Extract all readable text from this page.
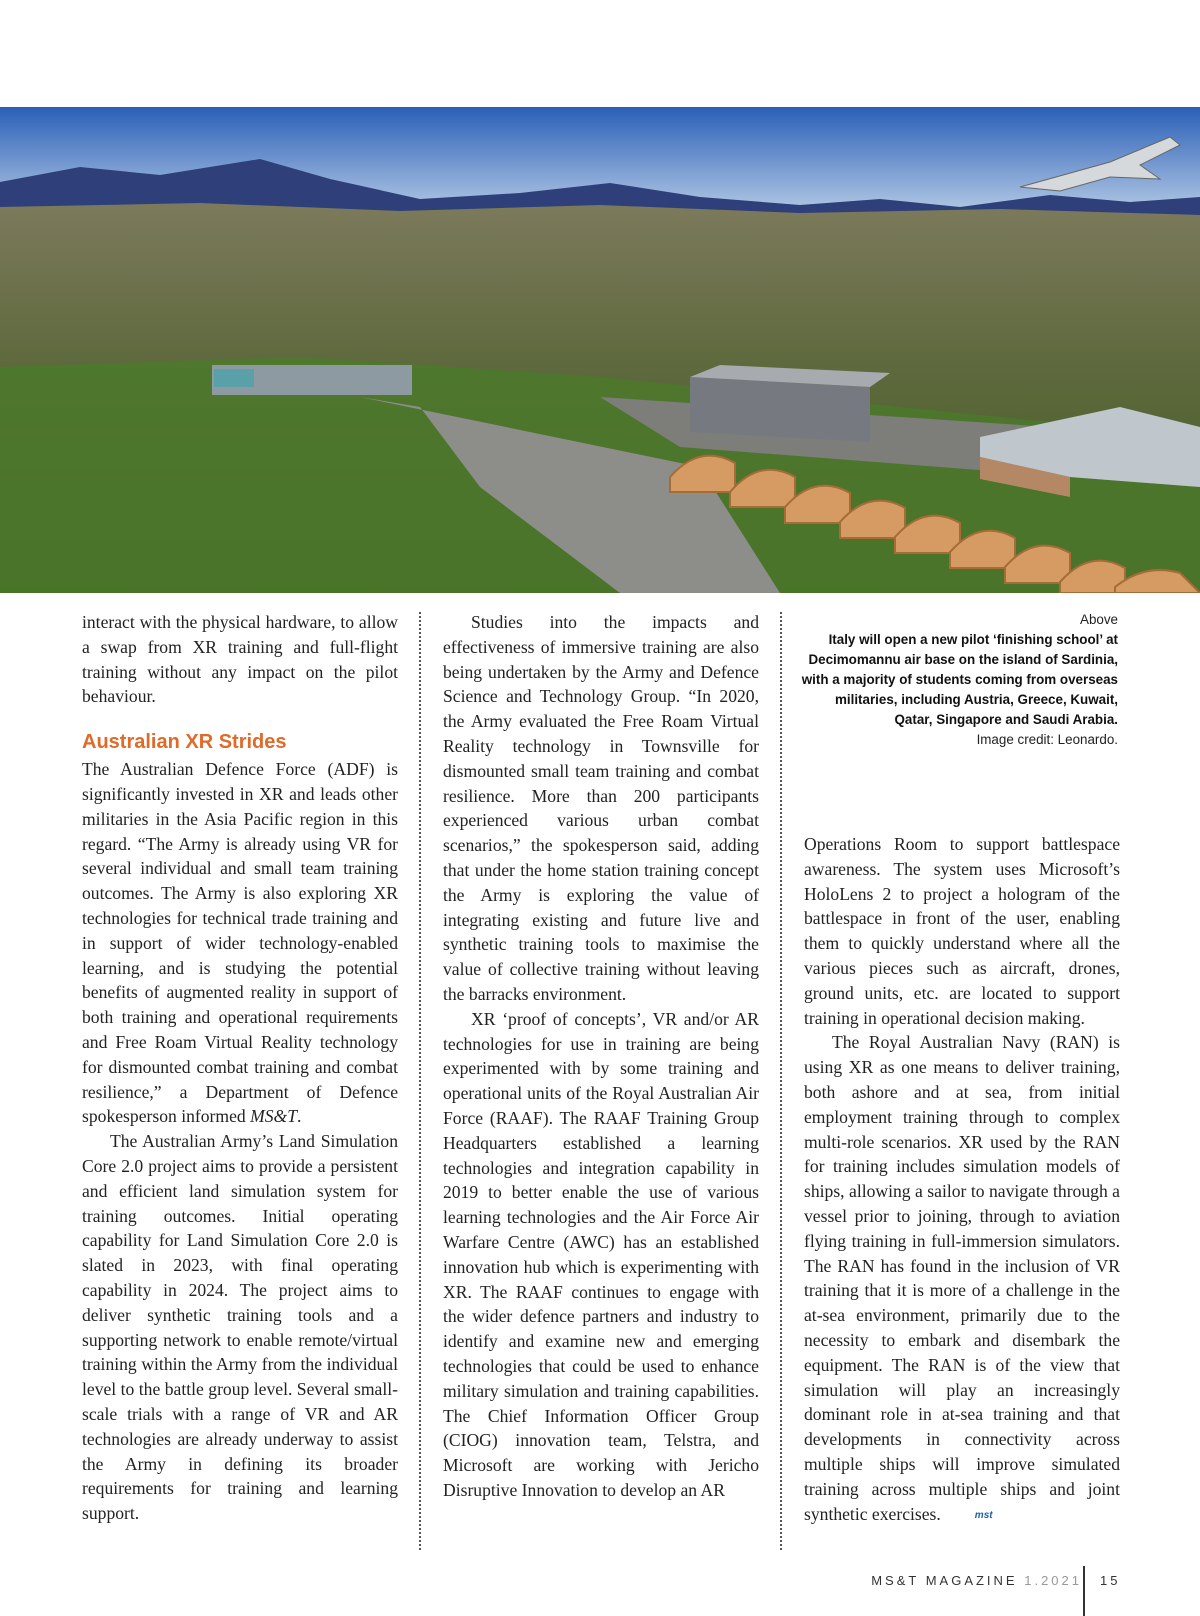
interact with the physical hardware, to allow a swap from XR training and full-flight training without any impact on the pilot behaviour.

Australian XR Strides

The Australian Defence Force (ADF) is significantly invested in XR and leads other militaries in the Asia Pacific region in this regard. “The Army is already using VR for several individual and small team training outcomes. The Army is also exploring XR technologies for technical trade training and in support of wider technology-enabled learning, and is studying the potential benefits of augmented reality in support of both training and operational requirements and Free Roam Virtual Reality technology for dismounted combat training and combat resilience,” a Department of Defence spokesperson informed MS&T.

The Australian Army’s Land Simulation Core 2.0 project aims to provide a persistent and efficient land simulation system for training outcomes. Initial operating capability for Land Simulation Core 2.0 is slated in 2023, with final operating capability in 2024. The project aims to deliver synthetic training tools and a supporting network to enable remote/virtual training within the Army from the individual level to the battle group level. Several small-scale trials with a range of VR and AR technologies are already underway to assist the Army in defining its broader requirements for training and learning support.

Studies into the impacts and effectiveness of immersive training are also being undertaken by the Army and Defence Science and Technology Group. “In 2020, the Army evaluated the Free Roam Virtual Reality technology in Townsville for dismounted small team training and combat resilience. More than 200 participants experienced various urban combat scenarios,” the spokesperson said, adding that under the home station training concept the Army is exploring the value of integrating existing and future live and synthetic training tools to maximise the value of collective training without leaving the barracks environment.

XR ‘proof of concepts’, VR and/or AR technologies for use in training are being experimented with by some training and operational units of the Royal Australian Air Force (RAAF). The RAAF Training Group Headquarters established a learning technologies and integration capability in 2019 to better enable the use of various learning technologies and the Air Force Air Warfare Centre (AWC) has an established innovation hub which is experimenting with XR. The RAAF continues to engage with the wider defence partners and industry to identify and examine new and emerging technologies that could be used to enhance military simulation and training capabilities. The Chief Information Officer Group (CIOG) innovation team, Telstra, and Microsoft are working with Jericho Disruptive Innovation to develop an AR

Above
Italy will open a new pilot ‘finishing school’ at Decimomannu air base on the island of Sardinia, with a majority of students coming from overseas militaries, including Austria, Greece, Kuwait, Qatar, Singapore and Saudi Arabia.
Image credit: Leonardo.

Operations Room to support battlespace awareness. The system uses Microsoft’s HoloLens 2 to project a hologram of the battlespace in front of the user, enabling them to quickly understand where all the various pieces such as aircraft, drones, ground units, etc. are located to support training in operational decision making.

The Royal Australian Navy (RAN) is using XR as one means to deliver training, both ashore and at sea, from initial employment training through to complex multi-role scenarios. XR used by the RAN for training includes simulation models of ships, allowing a sailor to navigate through a vessel prior to joining, through to aviation flying training in full-immersion simulators. The RAN has found in the inclusion of VR training that it is more of a challenge in the at-sea environment, primarily due to the necessity to embark and disembark the equipment. The RAN is of the view that simulation will play an increasingly dominant role in at-sea training and that developments in connectivity across multiple ships will improve simulated training across multiple ships and joint synthetic exercises.	mst

MS&T MAGAZINE 1.2021 15
